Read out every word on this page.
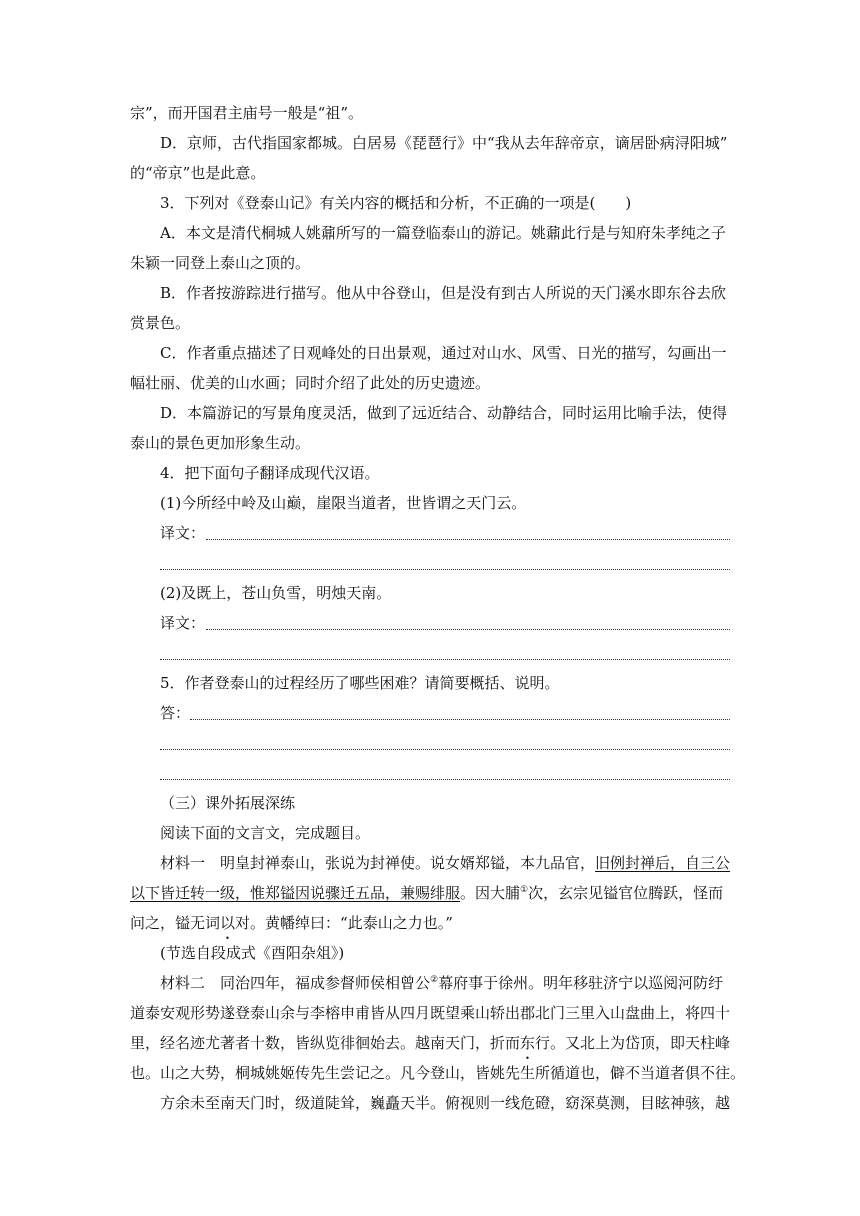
宗”，而开国君主庙号一般是“祖”。

D．京师，古代指国家都城。白居易《琵琶行》中“我从去年辞帝京，谪居卧病浔阳城”

的“帝京”也是此意。

3．下列对《登泰山记》有关内容的概括和分析，不正确的一项是(　　)

A．本文是清代桐城人姚鼐所写的一篇登临泰山的游记。姚鼐此行是与知府朱孝纯之子

朱颖一同登上泰山之顶的。

B．作者按游踪进行描写。他从中谷登山，但是没有到古人所说的天门溪水即东谷去欣

赏景色。

C．作者重点描述了日观峰处的日出景观，通过对山水、风雪、日光的描写，勾画出一

幅壮丽、优美的山水画；同时介绍了此处的历史遗迹。

D．本篇游记的写景角度灵活，做到了远近结合、动静结合，同时运用比喻手法，使得

泰山的景色更加形象生动。

4．把下面句子翻译成现代汉语。

(1)今所经中岭及山巅，崖限当道者，世皆谓之天门云。

译文：

(2)及既上，苍山负雪，明烛天南。

译文：

5．作者登泰山的过程经历了哪些困难？请简要概括、说明。

答：

（三）课外拓展深练

阅读下面的文言文，完成题目。

材料一　明皇封禅泰山，张说为封禅使。说女婿郑镒，本九品官，旧例封禅后，自三公

以下皆迁转一级，惟郑镒因说骤迁五品，兼赐绯服。因大脯①次，玄宗见镒官位腾跃，怪而

问之，镒无词以对。黄幡绰曰：“此泰山之力也。”

(节选自段成式《酉阳杂俎》)

材料二　同治四年，福成参督师侯相曾公②幕府事于徐州。明年移驻济宁以巡阅河防纡

道泰安观形势遂登泰山余与李榕申甫皆从四月既望乘山轿出郡北门三里入山盘曲上，将四十

里，经名迹尤著者十数，皆纵览徘徊始去。越南天门，折而东行。又北上为岱顶，即天柱峰

也。山之大势，桐城姚姬传先生尝记之。凡今登山，皆姚先生所循道也，僻不当道者俱不往。

方余未至南天门时，级道陡耸，巍矗天半。俯视则一线危磴，窈深莫测，目眩神骇，越
